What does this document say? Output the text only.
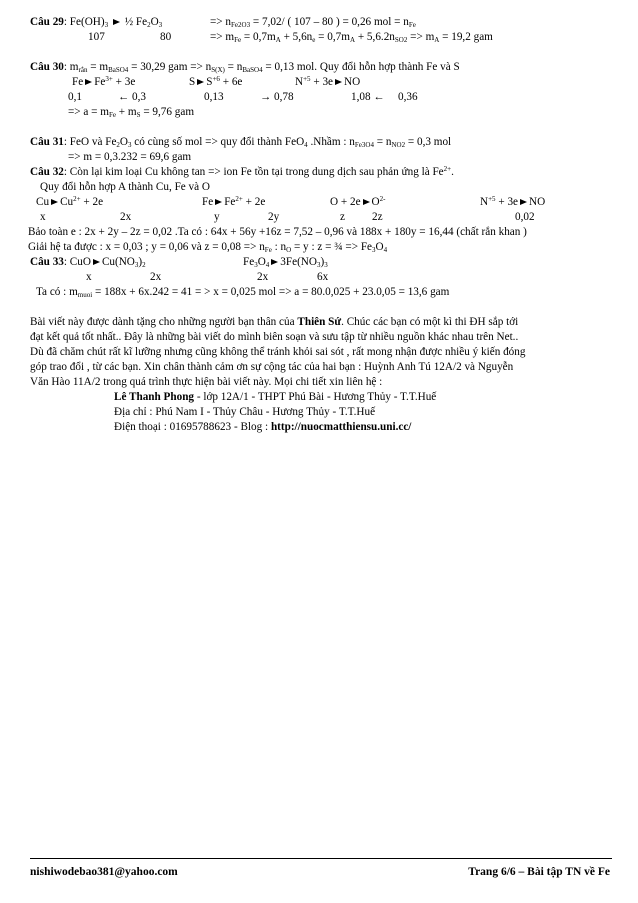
Câu 29: $Fe(OH)_3$  ½ $Fe_2O_3$	=> $n_{Fe2O3} = 7,02/$ ( 107 – 80 ) = 0,26 mol = $n_{Fe}$
107	80	=> $m_{Fe} = 0,7m_A + 5,6n_e = 0,7m_A + 5,6.2n_{SO2} => m_A = 19,2$ gam
Câu 30: $m_{rắn} = m_{BaSO4} = 30,29$ gam => $n_{S(X)} = n_{BaSO4} = 0,13$ mol. Quy đổi hỗn hợp thành Fe và S
Fe $Fe^{3+} + 3e$	S $S^{+6} + 6e$	$N^{+5} + 3e$ NO
0,1	← 0,3	0,13	→ 0,78	1,08 ← 0,36
=> $a = m_{Fe} + m_S = 9,76$ gam
Câu 31: FeO và $Fe_2O_3$ có cùng số mol => quy đổi thành FeO$_4$ .Nhầm : $n_{Fe3O4} = n_{NO2} = 0,3$ mol
=> m = 0,3.232 = 69,6 gam
Câu 32: Còn lại kim loại Cu không tan => ion Fe tồn tại trong dung dịch sau phản ứng là $Fe^{2+}$.
Quy đổi hỗn hợp A thành Cu, Fe và O
Cu $Cu^{2+} + 2e$	Fe $Fe^{2+} + 2e$	O + 2e $O^{2-}$	$N^{+5} + 3e$ NO
x	2x	y	2y	z 2z	0,02
Bảo toàn e : 2x + 2y – 2z = 0,02 .Ta có : 64x + 56y +16z = 7,52 – 0,96 và 188x + 180y = 16,44 (chất rắn khan )
Giải hệ ta được : x = 0,03 ; y = 0,06 và $z = 0,08 => n_{Fe}$ : $n_O = y$ : z = ¾ => $Fe_3O_4$
Câu 33: CuO $Cu(NO_3)_2$	$Fe_3O_4$ $3Fe(NO_3)_3$
x	2x	2x	6x
Ta có : $m_{muoi} = 188x + 6x.242 = 41$ = > x = 0,025 mol => a = 80.0,025 + 23.0,05 = 13,6 gam
Bài viết này được dành tặng cho những người bạn thân của Thiên Sứ. Chúc các bạn có một kì thi ĐH sắp tới
đạt kết quả tốt nhất.. Đây là những bài viết do mình biên soạn và sưu tập từ nhiều nguồn khác nhau trên Net..
Dù đã chăm chút rất kĩ lưỡng nhưng cũng không thể tránh khỏi sai sót , rất mong nhận được nhiều ý kiến đóng
góp trao đổi , từ các bạn. Xin chân thành cảm ơn sự cộng tác của hai bạn : Huỳnh Anh Tú 12A/2 và Nguyễn
Văn Hào 11A/2 trong quá trình thực hiện bài viết này. Mọi chi tiết xin liên hệ :
Lê Thanh Phong - lớp 12A/1 - THPT Phú Bài - Hương Thủy - T.T.Huế
Địa chỉ : Phú Nam I - Thủy Châu - Hương Thủy - T.T.Huế
Điện thoại : 01695788623 - Blog : http://nuocmatthiensu.uni.cc/
nishiwodebao381@yahoo.com	Trang 6/6 – Bài tập TN về Fe
